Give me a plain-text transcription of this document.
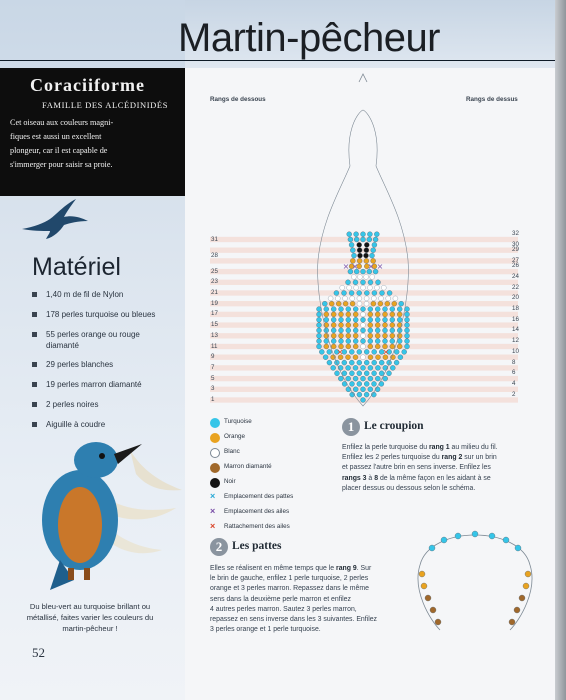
Martin-pêcheur
Coraciiforme
FAMILLE DES ALCÉDINIDÉS
Cet oiseau aux couleurs magni-
fiques est aussi un excellent
plongeur, car il est capable de
s'immerger pour saisir sa proie.
Matériel
1,40 m de fil de Nylon
178 perles turquoise ou bleues
55 perles orange ou rouge
diamanté
29 perles blanches
19 perles marron diamanté
2 perles noires
Aiguille à coudre
Du bleu-vert au turquoise brillant ou
métallisé, faites varier les couleurs du
martin-pêcheur !
52
Rangs de dessous	Rangs de dessus
× × × ×
×	×
31
28
25
23
21
19
17
15
13
11
9
7
5
3
1
32
30
29
27
26
24
22
20
18
16
14
12
10
8
6
4
2
Turquoise
Orange
Blanc
Marron diamanté
Noir
× Emplacement des pattes
× Emplacement des ailes
× Rattachement des ailes
1 Le croupion
Enfilez la perle turquoise du rang 1 au milieu du fil.
Enfilez les 2 perles turquoise du rang 2 sur un brin
et passez l'autre brin en sens inverse. Enfilez les
rangs 3 à 8 de la même façon en les aidant à se
placer dessus ou dessous selon le schéma.
2 Les pattes
Elles se réalisent en même temps que le rang 9. Sur
le brin de gauche, enfilez 1 perle turquoise, 2 perles
orange et 3 perles marron. Repassez dans le même
sens dans la deuxième perle marron et enfilez
4 autres perles marron. Sautez 3 perles marron,
repassez en sens inverse dans les 3 suivantes. Enfilez
3 perles orange et 1 perle turquoise.
